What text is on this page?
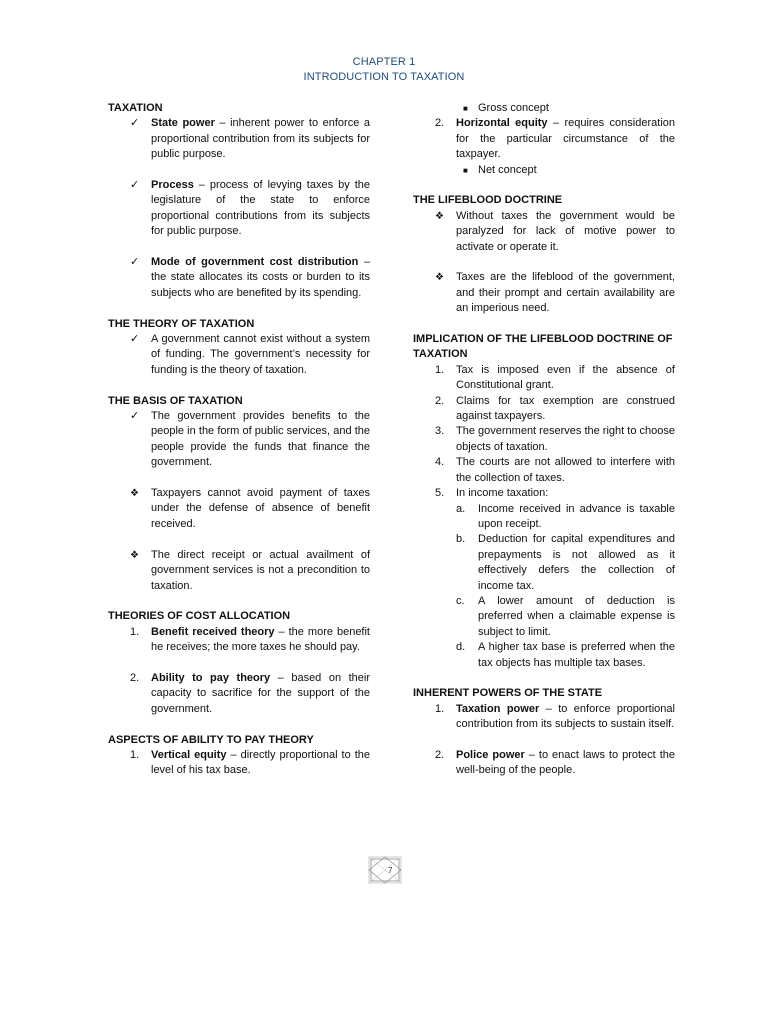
CHAPTER 1
INTRODUCTION TO TAXATION

TAXATION

✓	State power – inherent power to enforce a proportional contribution from its subjects for public purpose.
✓	Process – process of levying taxes by the legislature of the state to enforce proportional contributions from its subjects for public purpose.
✓	Mode of government cost distribution – the state allocates its costs or burden to its subjects who are benefited by its spending.

THE THEORY OF TAXATION

✓	A government cannot exist without a system of funding. The government’s necessity for funding is the theory of taxation.

THE BASIS OF TAXATION

✓	The government provides benefits to the people in the form of public services, and the people provide the funds that finance the government.
❖	Taxpayers cannot avoid payment of taxes under the defense of absence of benefit received.
❖	The direct receipt or actual availment of government services is not a precondition to taxation.

THEORIES OF COST ALLOCATION

1.	Benefit received theory – the more benefit he receives; the more taxes he should pay.
2.	Ability to pay theory – based on their capacity to sacrifice for the support of the government.

ASPECTS OF ABILITY TO PAY THEORY

1.	Vertical equity – directly proportional to the level of his tax base.
■ Gross concept
2.	Horizontal equity – requires consideration for the particular circumstance of the taxpayer.
■ Net concept

THE LIFEBLOOD DOCTRINE

❖	Without taxes the government would be paralyzed for lack of motive power to activate or operate it.
❖	Taxes are the lifeblood of the government, and their prompt and certain availability are an imperious need.

IMPLICATION OF THE LIFEBLOOD DOCTRINE OF TAXATION

1.	Tax is imposed even if the absence of Constitutional grant.
2.	Claims for tax exemption are construed against taxpayers.
3.	The government reserves the right to choose objects of taxation.
4.	The courts are not allowed to interfere with the collection of taxes.
5.	In income taxation:
a. Income received in advance is taxable upon receipt.
b. Deduction for capital expenditures and prepayments is not allowed as it effectively defers the collection of income tax.
c. A lower amount of deduction is preferred when a claimable expense is subject to limit.
d. A higher tax base is preferred when the tax objects has multiple tax bases.

INHERENT POWERS OF THE STATE

1.	Taxation power – to enforce proportional contribution from its subjects to sustain itself.
2.	Police power – to enact laws to protect the well-being of the people.
7
